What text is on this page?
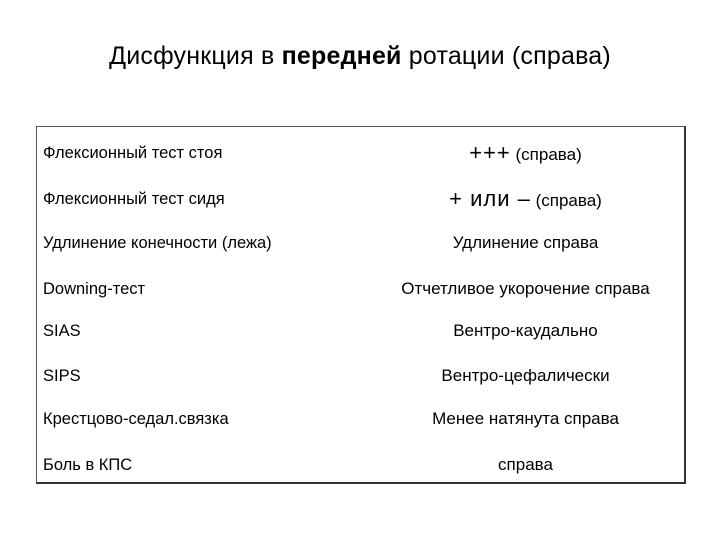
Дисфункция в передней ротации (справа)
Флексионный тест стоя	+++ (справа)
Флексионный тест сидя	+ или – (справа)
Удлинение конечности (лежа)	Удлинение справа
Downing-тест	Отчетливое укорочение справа
SIAS	Вентро-каудально
SIPS	Вентро-цефалически
Крестцово-седал.связка	Менее натянута справа
Боль в КПС	справа
